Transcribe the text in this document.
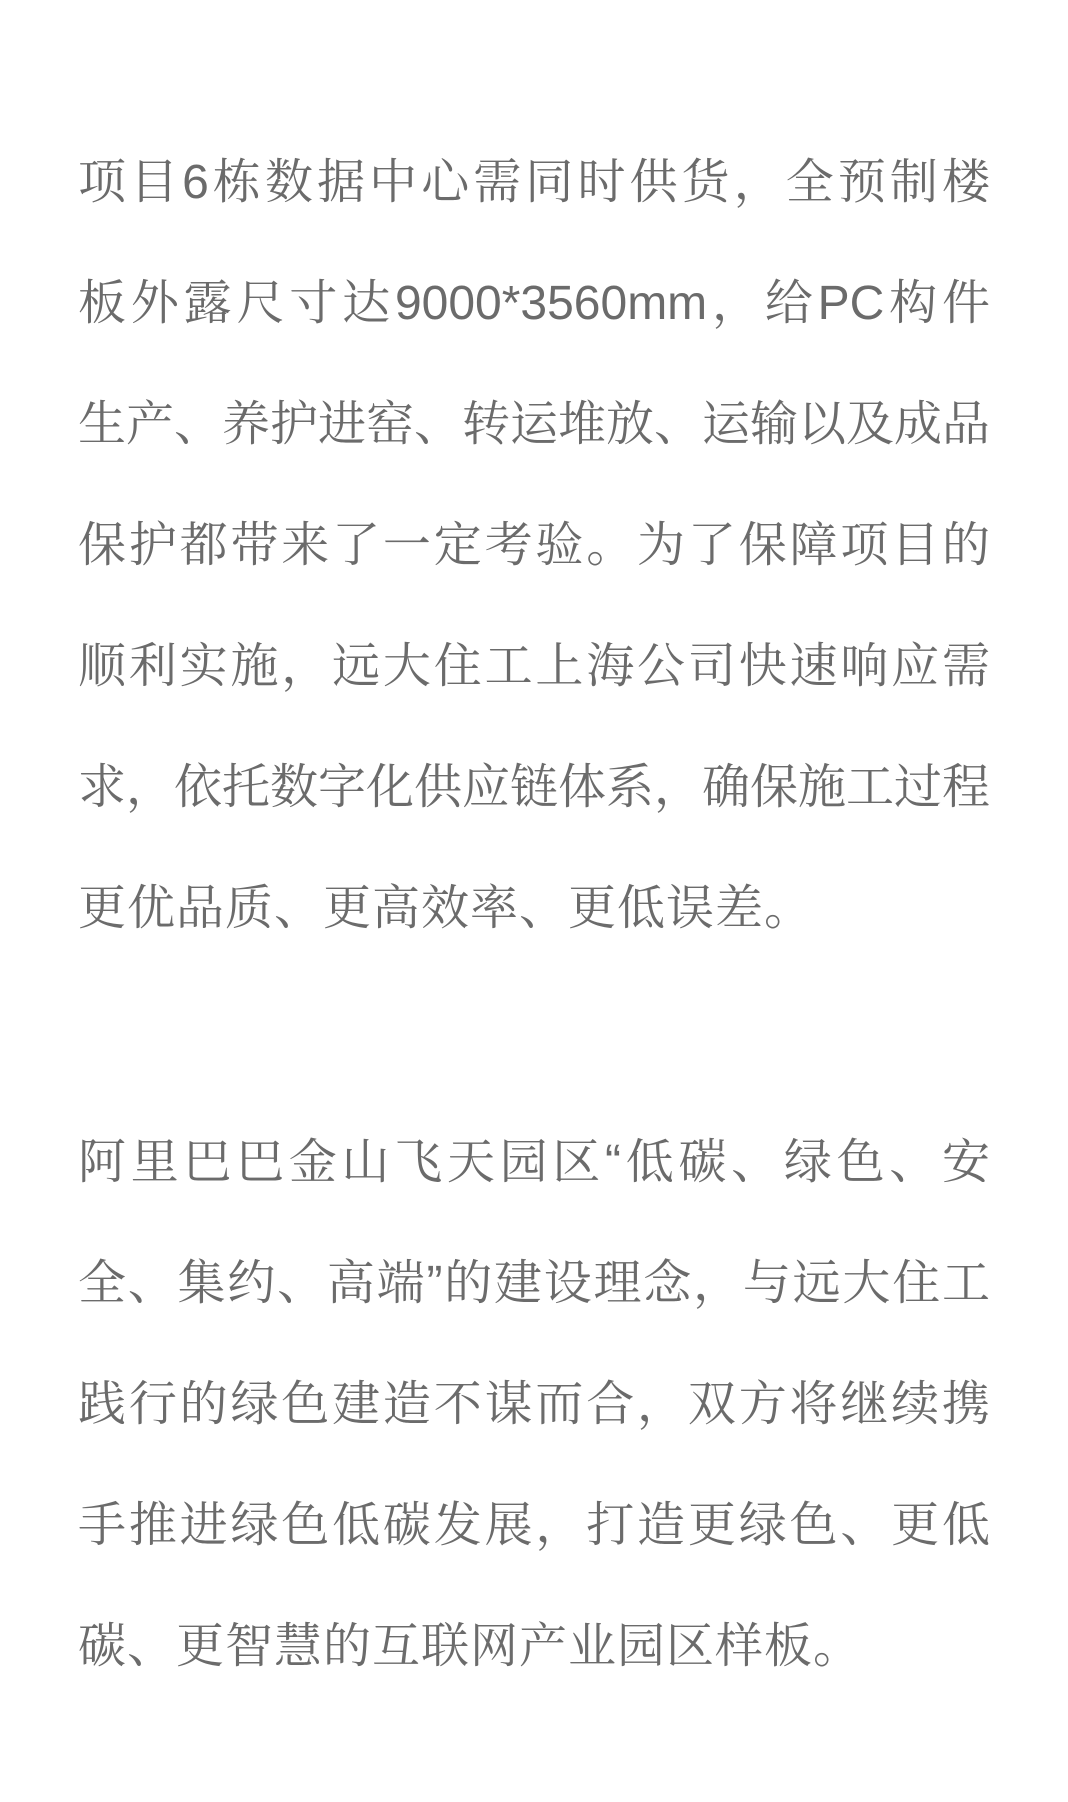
项目6栋数据中心需同时供货，全预制楼
板外露尺寸达9000*3560mm，给PC构件
生产、养护进窑、转运堆放、运输以及成品
保护都带来了一定考验。为了保障项目的
顺利实施，远大住工上海公司快速响应需
求，依托数字化供应链体系，确保施工过程
更优品质、更高效率、更低误差。
阿里巴巴金山飞天园区“低碳、绿色、安
全、集约、高端”的建设理念，与远大住工
践行的绿色建造不谋而合，双方将继续携
手推进绿色低碳发展，打造更绿色、更低
碳、更智慧的互联网产业园区样板。
